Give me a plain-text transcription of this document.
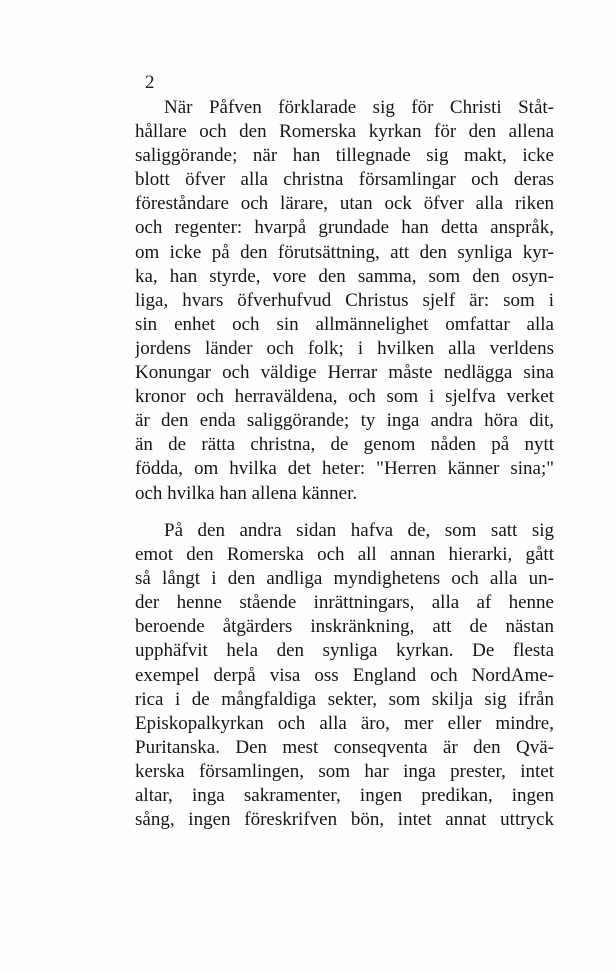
2
När Påfven förklarade sig för Christi Ståt-
hållare och den Romerska kyrkan för den allena
saliggörande; när han tillegnade sig makt, icke
blott öfver alla christna församlingar och deras
föreståndare och lärare, utan ock öfver alla riken
och regenter: hvarpå grundade han detta anspråk,
om icke på den förutsättning, att den synliga kyr-
ka, han styrde, vore den samma, som den osyn-
liga, hvars öfverhufvud Christus sjelf är: som i
sin enhet och sin allmännelighet omfattar alla
jordens länder och folk; i hvilken alla verldens
Konungar och väldige Herrar måste nedlägga sina
kronor och herraväldena, och som i sjelfva verket
är den enda saliggörande; ty inga andra höra dit,
än de rätta christna, de genom nåden på nytt
födda, om hvilka det heter: "Herren känner sina;"
och hvilka han allena känner.
På den andra sidan hafva de, som satt sig
emot den Romerska och all annan hierarki, gått
så långt i den andliga myndighetens och alla un-
der henne stående inrättningars, alla af henne
beroende åtgärders inskränkning, att de nästan
upphäfvit hela den synliga kyrkan. De flesta
exempel derpå visa oss England och NordAme-
rica i de mångfaldiga sekter, som skilja sig ifrån
Episkopalkyrkan och alla äro, mer eller mindre,
Puritanska. Den mest conseqventa är den Qvä-
kerska församlingen, som har inga prester, intet
altar, inga sakramenter, ingen predikan, ingen
sång, ingen föreskrifven bön, intet annat uttryck
